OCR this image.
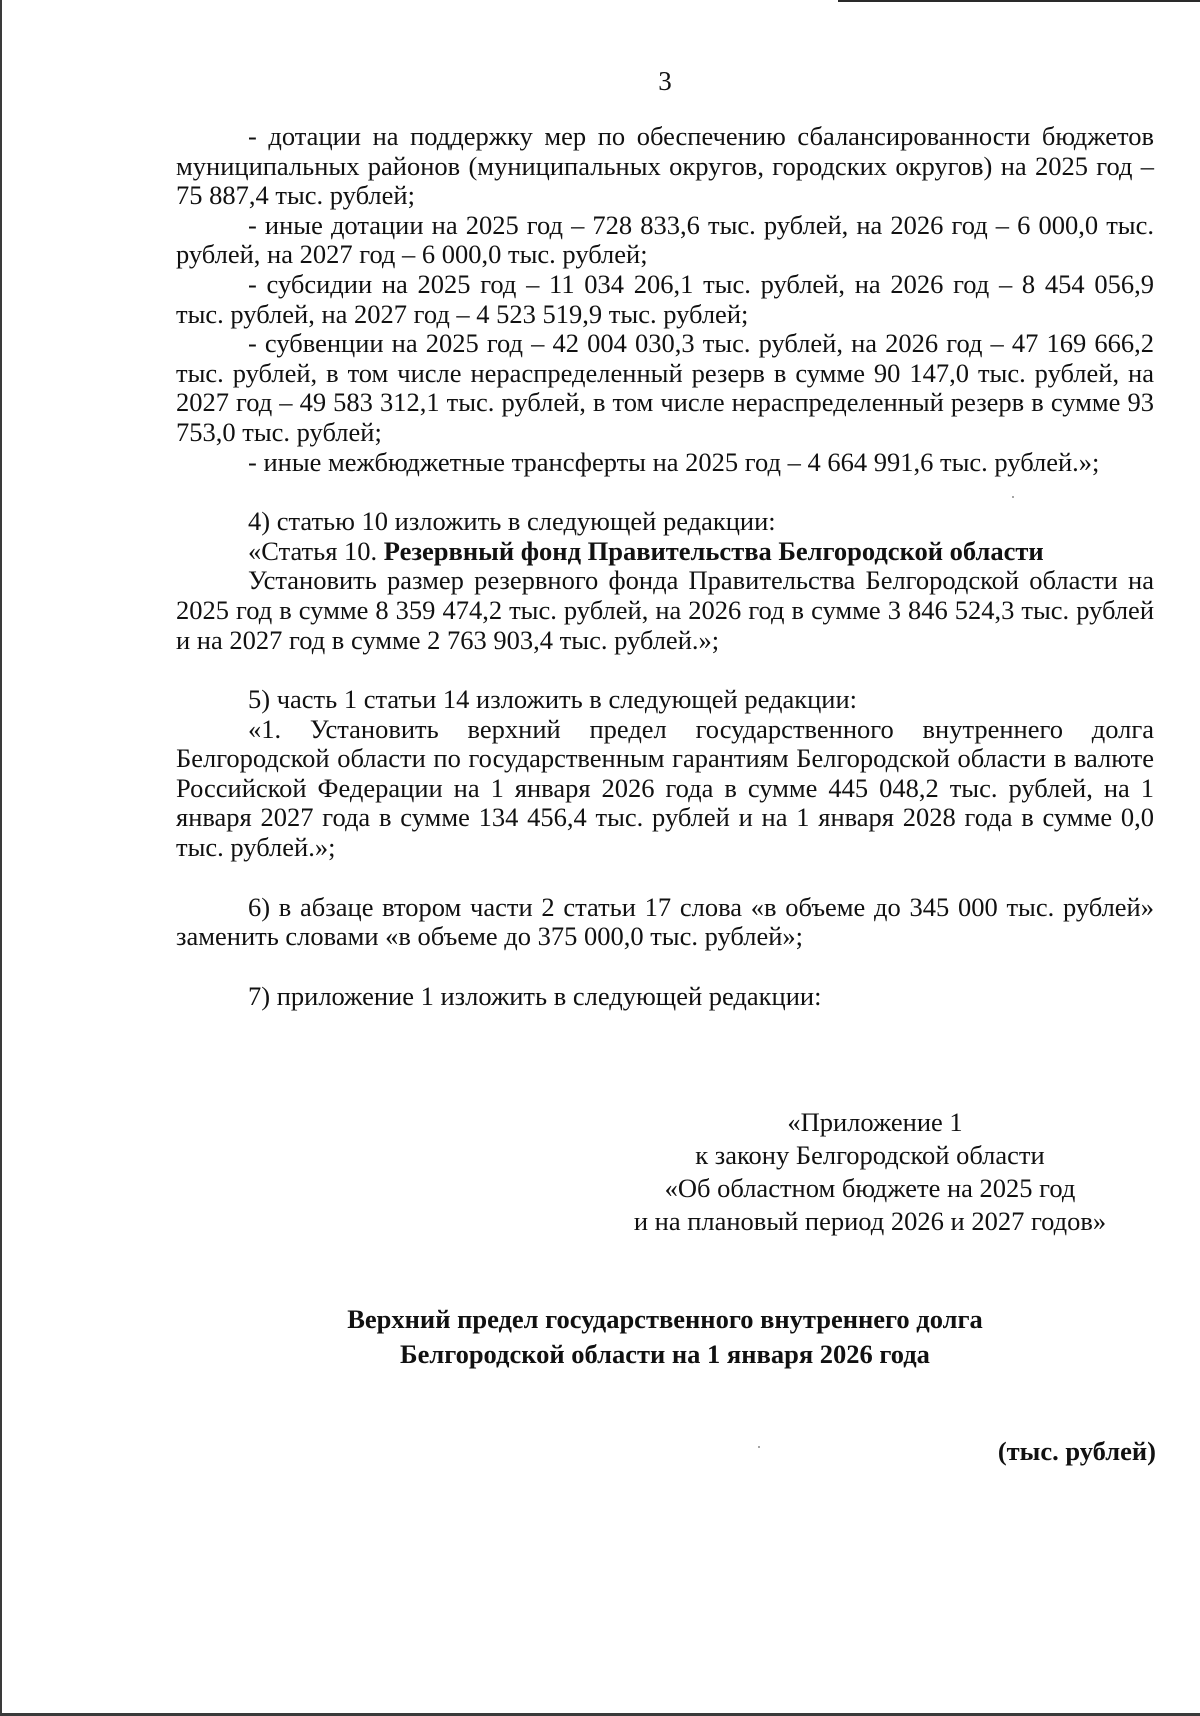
3

- дотации на поддержку мер по обеспечению сбалансированности бюджетов муниципальных районов (муниципальных округов, городских округов) на 2025 год – 75 887,4 тыс. рублей;

- иные дотации на 2025 год – 728 833,6 тыс. рублей, на 2026 год – 6 000,0 тыс. рублей, на 2027 год – 6 000,0 тыс. рублей;

- субсидии на 2025 год – 11 034 206,1 тыс. рублей, на 2026 год – 8 454 056,9 тыс. рублей, на 2027 год – 4 523 519,9 тыс. рублей;

- субвенции на 2025 год – 42 004 030,3 тыс. рублей, на 2026 год – 47 169 666,2 тыс. рублей, в том числе нераспределенный резерв в сумме 90 147,0 тыс. рублей, на 2027 год – 49 583 312,1 тыс. рублей, в том числе нераспределенный резерв в сумме 93 753,0 тыс. рублей;

- иные межбюджетные трансферты на 2025 год – 4 664 991,6 тыс. рублей.»;

4) статью 10 изложить в следующей редакции:

«Статья 10. Резервный фонд Правительства Белгородской области

Установить размер резервного фонда Правительства Белгородской области на 2025 год в сумме 8 359 474,2 тыс. рублей, на 2026 год в сумме 3 846 524,3 тыс. рублей и на 2027 год в сумме 2 763 903,4 тыс. рублей.»;

5) часть 1 статьи 14 изложить в следующей редакции:

«1. Установить верхний предел государственного внутреннего долга Белгородской области по государственным гарантиям Белгородской области в валюте Российской Федерации на 1 января 2026 года в сумме 445 048,2 тыс. рублей, на 1 января 2027 года в сумме 134 456,4 тыс. рублей и на 1 января 2028 года в сумме 0,0 тыс. рублей.»;

6) в абзаце втором части 2 статьи 17 слова «в объеме до 345 000 тыс. рублей» заменить словами «в объеме до 375 000,0 тыс. рублей»;

7) приложение 1 изложить в следующей редакции:

«Приложение 1
к закону Белгородской области
«Об областном бюджете на 2025 год
и на плановый период 2026 и 2027 годов»
Верхний предел государственного внутреннего долга
Белгородской области на 1 января 2026 года
(тыс. рублей)
